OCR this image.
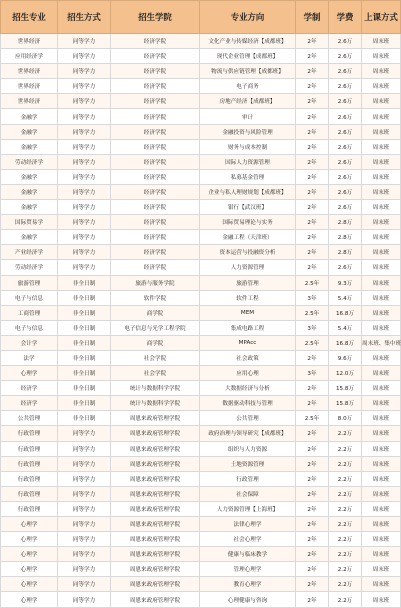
招生专业	招生方式	招生学院	专业方向	学制	学费	上课方式
世界经济	同等学力	经济学院	文化产业与传媒经济【成都班】	2年	2.6万	周末班
应用经济学	同等学力	经济学院	现代企业管理【成都班】	2年	2.6万	周末班
世界经济	同等学力	经济学院	物流与供应链管理【成都班】	2年	2.6万	周末班
世界经济	同等学力	经济学院	电子商务	2年	2.6万	周末班
世界经济	同等学力	经济学院	房地产经济【成都班】	2年	2.6万	周末班
金融学	同等学力	经济学院	审计	2年	2.6万	周末班
金融学	同等学力	经济学院	金融投资与风险管理	2年	2.6万	周末班
金融学	同等学力	经济学院	财务与成本控制	2年	2.6万	周末班
劳动经济学	同等学力	经济学院	国际人力资源管理	2年	2.6万	周末班
金融学	同等学力	经济学院	私募基金管理	2年	2.6万	周末班
金融学	同等学力	经济学院	企业与私人理财规划【成都班】	2年	2.6万	周末班
金融学	同等学力	经济学院	银行【武汉班】	2年	2.6万	周末班
国际贸易学	同等学力	经济学院	国际贸易理论与实务	2年	2.8万	周末班
金融学	同等学力	经济学院	金融工程（天津班）	2年	2.8万	周末班
产业经济学	同等学力	经济学院	资本运营与投融资分析	2年	2.8万	周末班
劳动经济学	同等学力	经济学院	人力资源管理	2年	2.6万	周末班
旅游管理	非全日制	旅游与服务学院	旅游管理	2.5年	9.3万	周末班
电子与信息	非全日制	软件学院	软件工程	3年	5.4万	周末班
工商管理	非全日制	商学院	MEM	2.5年	16.8万	周末班
电子与信息	非全日制	电子信息与光学工程学院	集成电路工程	3年	5.4万	周末班
会计学	非全日制	商学院	MPAcc	2.5年	16.8万	周末班、集中班
法学	非全日制	社会学院	社会政策	2年	9.6万	周末班
心理学	非全日制	社会学院	应用心理	3年	12.0万	周末班
经济学	非全日制	统计与数据科学学院	大数据经济与分析	2年	15.8万	周末班
经济学	非全日制	统计与数据科学学院	数据驱动科技与管理	2年	15.8万	周末班
公共管理	非全日制	周恩来政府管理学院	公共管理	2.5年	8.0万	周末班
行政管理	同等学力	周恩来政府管理学院	政府治理与领导研究【成都班】	2年	2.2万	周末班
行政管理	同等学力	周恩来政府管理学院	组织与人力资源	2年	2.2万	周末班
行政管理	同等学力	周恩来政府管理学院	土地资源管理	2年	2.2万	周末班
行政管理	同等学力	周恩来政府管理学院	行政管理	2年	2.2万	周末班
行政管理	同等学力	周恩来政府管理学院	社会保障	2年	2.2万	周末班
行政管理	同等学力	周恩来政府管理学院	人力资源管理【上海班】	2年	2.2万	周末班
心理学	同等学力	周恩来政府管理学院	法律心理学	2年	2.2万	周末班
心理学	同等学力	周恩来政府管理学院	社会心理学	2年	2.2万	周末班
心理学	同等学力	周恩来政府管理学院	健康与临床教学	2年	2.2万	周末班
心理学	同等学力	周恩来政府管理学院	管理心理学	2年	2.2万	周末班
心理学	同等学力	周恩来政府管理学院	教育心理学	2年	2.2万	周末班
心理学	同等学力	周恩来政府管理学院	心理健康与咨询	2年	2.2万	周末班
